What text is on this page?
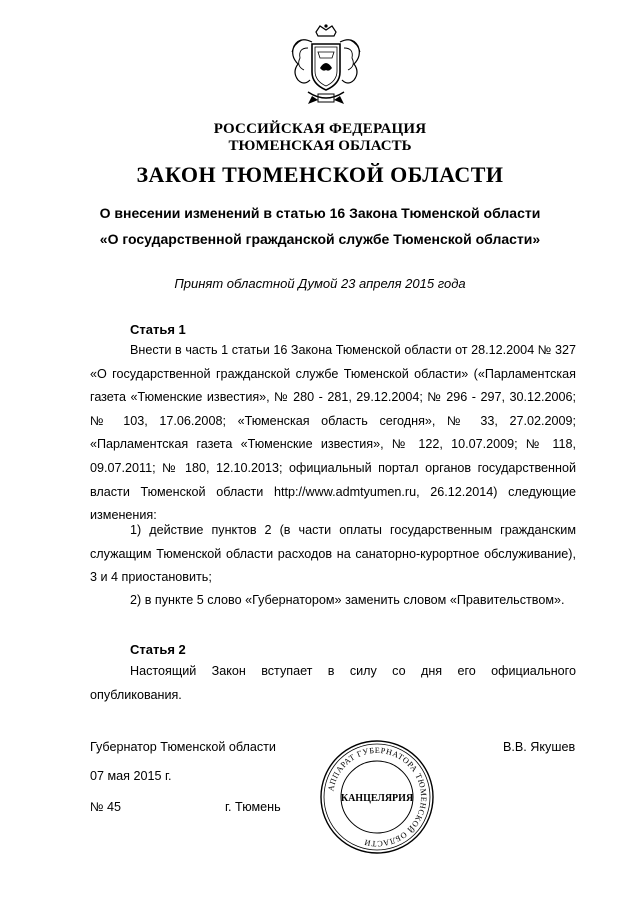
РОССИЙСКАЯ ФЕДЕРАЦИЯ
ТЮМЕНСКАЯ ОБЛАСТЬ
ЗАКОН ТЮМЕНСКОЙ ОБЛАСТИ
О внесении изменений в статью 16 Закона Тюменской области
«О государственной гражданской службе Тюменской области»
Принят областной Думой 23 апреля 2015 года
Статья 1
Внести в часть 1 статьи 16 Закона Тюменской области от 28.12.2004 № 327 «О государственной гражданской службе Тюменской области» («Парламентская газета «Тюменские известия», № 280 - 281, 29.12.2004; № 296 - 297, 30.12.2006; № 103, 17.06.2008; «Тюменская область сегодня», № 33, 27.02.2009; «Парламентская газета «Тюменские известия», № 122, 10.07.2009; № 118, 09.07.2011; № 180, 12.10.2013; официальный портал органов государственной власти Тюменской области http://www.admtyumen.ru, 26.12.2014) следующие изменения:
1) действие пунктов 2 (в части оплаты государственным гражданским служащим Тюменской области расходов на санаторно-курортное обслуживание), 3 и 4 приостановить;
2) в пункте 5 слово «Губернатором» заменить словом «Правительством».
Статья 2
Настоящий Закон вступает в силу со дня его официального опубликования.
Губернатор Тюменской области	В.В. Якушев
07 мая 2015 г.
№ 45	г. Тюмень
АППАРАТ ГУБЕРНАТОРА ТЮМЕНСКОЙ ОБЛАСТИ
КАНЦЕЛЯРИЯ
